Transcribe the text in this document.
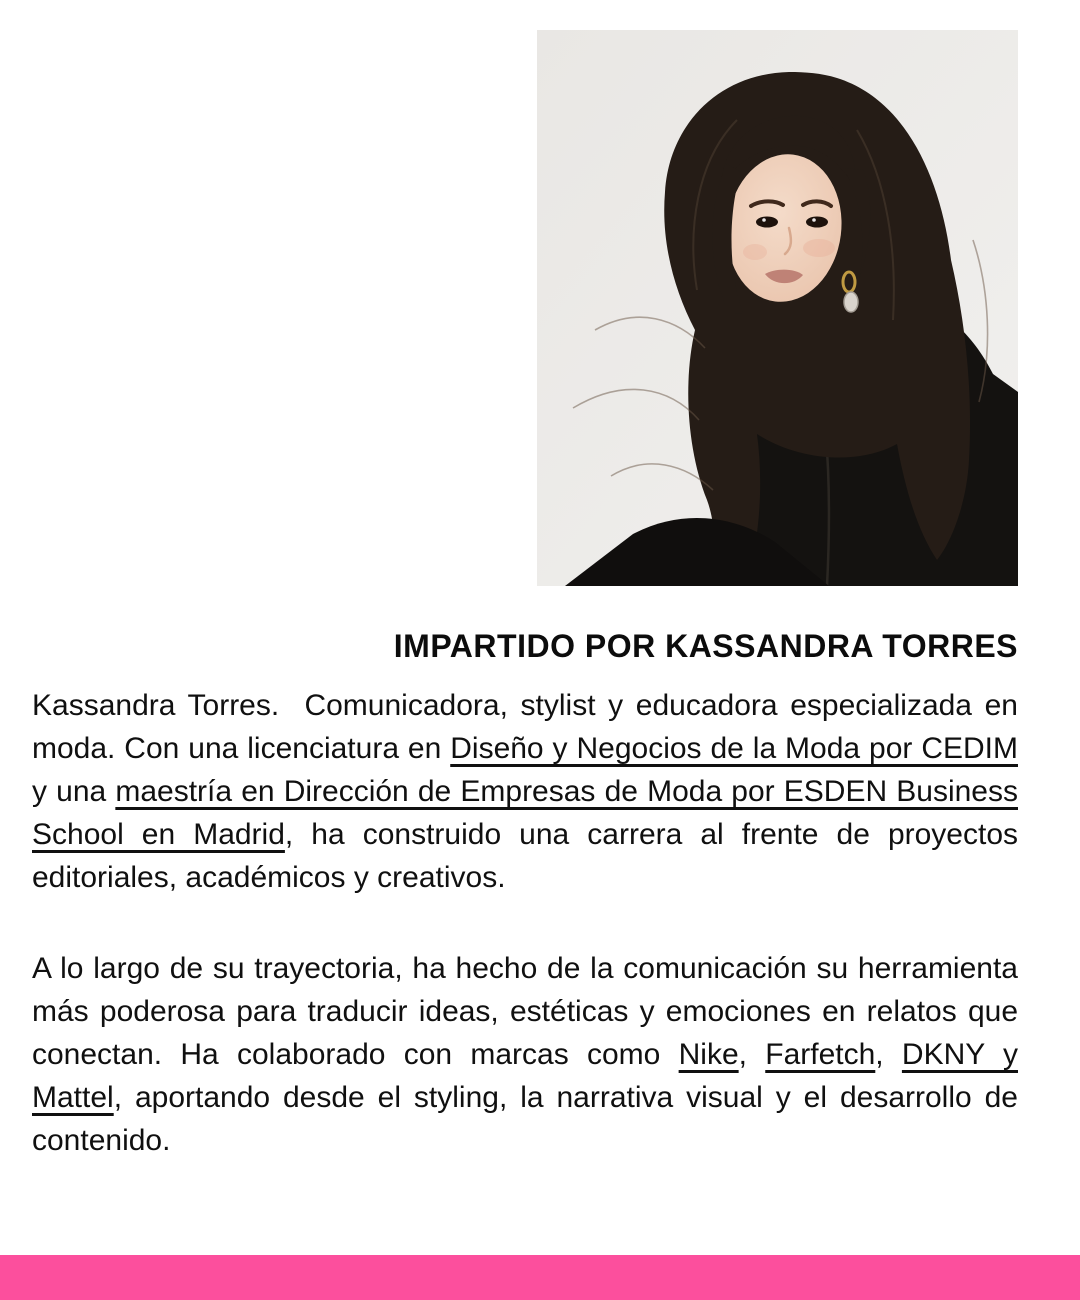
IMPARTIDO POR KASSANDRA TORRES

Kassandra Torres.  Comunicadora, stylist y educadora especializada en moda. Con una licenciatura en Diseño y Negocios de la Moda por CEDIM y una maestría en Dirección de Empresas de Moda por ESDEN Business School en Madrid, ha construido una carrera al frente de proyectos editoriales, académicos y creativos.

A lo largo de su trayectoria, ha hecho de la comunicación su herramienta más poderosa para traducir ideas, estéticas y emociones en relatos que conectan. Ha colaborado con marcas como Nike, Farfetch, DKNY y Mattel, aportando desde el styling, la narrativa visual y el desarrollo de contenido.
